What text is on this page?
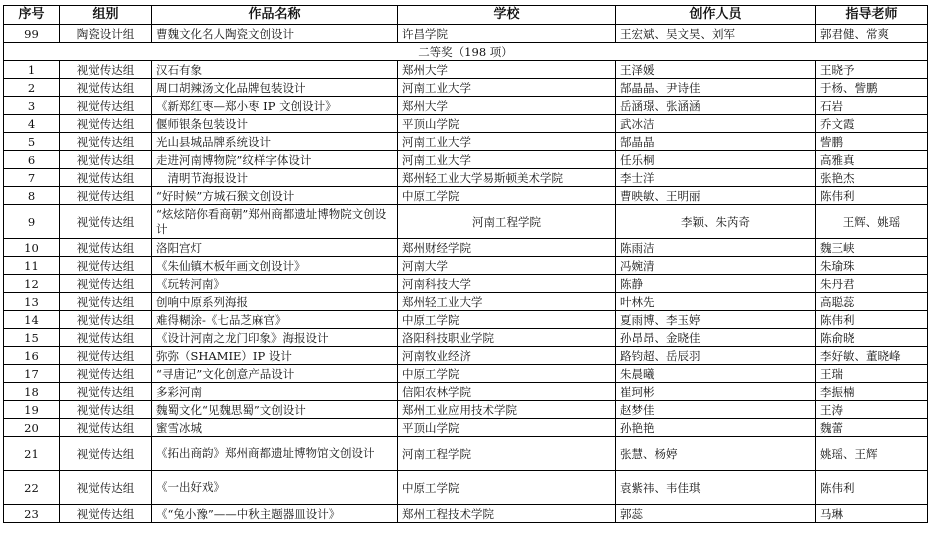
序号	组别	作品名称	学校	创作人员	指导老师
99	陶瓷设计组	曹魏文化名人陶瓷文创设计	许昌学院	王宏斌、吴文昊、刘军	郭君健、常爽
二等奖（198 项）					
1	视觉传达组	汉石有象	郑州大学	王泽媛	王晓予
2	视觉传达组	周口胡辣汤文化品牌包装设计	河南工业大学	郜晶晶、尹诗佳	于杨、訾鹏
3	视觉传达组	《新郑红枣—郑小枣 IP 文创设计》	郑州大学	岳涵璟、张涵涵	石岩
4	视觉传达组	偃师银条包装设计	平顶山学院	武冰洁	乔文霞
5	视觉传达组	光山县城品牌系统设计	河南工业大学	郜晶晶	訾鹏
6	视觉传达组	走进河南博物院”纹样字体设计	河南工业大学	任乐桐	高雅真
7	视觉传达组	　清明节海报设计	郑州轻工业大学易斯顿美术学院	李士洋	张艳杰
8	视觉传达组	“好时候”方城石猴文创设计	中原工学院	曹映敏、王明丽	陈伟利
9	视觉传达组	“炫炫陪你看商朝”郑州商都遗址博物院文创设计	河南工程学院	李颖、朱芮奇	王辉、姚瑶
10	视觉传达组	洛阳宫灯	郑州财经学院	陈雨洁	魏三峡
11	视觉传达组	《朱仙镇木板年画文创设计》	河南大学	冯婉清	朱瑜珠
12	视觉传达组	《玩转河南》	河南科技大学	陈静	朱丹君
13	视觉传达组	创响中原系列海报	郑州轻工业大学	叶林先	高聪蕊
14	视觉传达组	难得糊涂-《七品芝麻官》	中原工学院	夏雨博、李玉婷	陈伟利
15	视觉传达组	《设计河南之龙门印象》海报设计	洛阳科技职业学院	孙昂昂、金晓佳	陈俞晓
16	视觉传达组	弥弥（SHAMIE）IP 设计	河南牧业经济	路钧超、岳辰羽	李好敏、董晓峰
17	视觉传达组	“寻唐记”文化创意产品设计	中原工学院	朱晨曦	王瑞
18	视觉传达组	多彩河南	信阳农林学院	崔珂彬	李振楠
19	视觉传达组	魏蜀文化“见魏思蜀”文创设计	郑州工业应用技术学院	赵梦佳	王涛
20	视觉传达组	蜜雪冰城	平顶山学院	孙艳艳	魏蕾
21	视觉传达组	《拓出商韵》郑州商都遗址博物馆文创设计	河南工程学院	张慧、杨婷	姚瑶、王辉
22	视觉传达组	《一出好戏》	中原工学院	袁紫祎、韦佳琪	陈伟利
23	视觉传达组	《“兔小豫”——中秋主题器皿设计》	郑州工程技术学院	郭蕊	马琳
